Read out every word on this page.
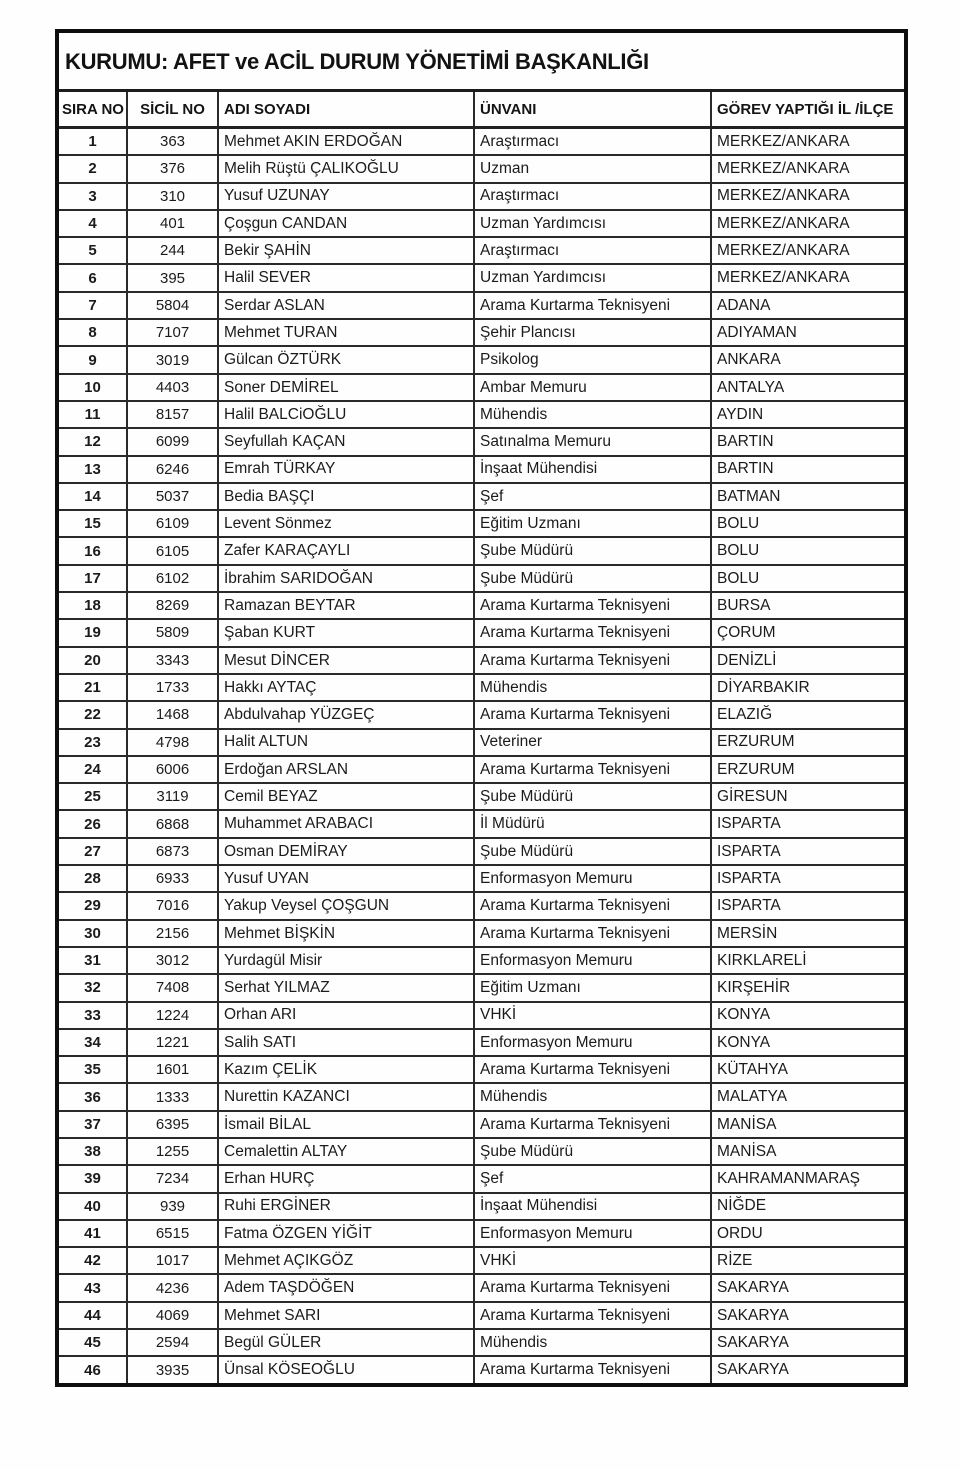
KURUMU: AFET ve ACİL DURUM YÖNETİMİ BAŞKANLIĞI				
SIRA NO	SİCİL NO	ADI SOYADI	ÜNVANI	GÖREV YAPTIĞI İL /İLÇE
1	363	Mehmet AKIN ERDOĞAN	Araştırmacı	MERKEZ/ANKARA
2	376	Melih Rüştü ÇALIKOĞLU	Uzman	MERKEZ/ANKARA
3	310	Yusuf UZUNAY	Araştırmacı	MERKEZ/ANKARA
4	401	Çoşgun CANDAN	Uzman Yardımcısı	MERKEZ/ANKARA
5	244	Bekir ŞAHİN	Araştırmacı	MERKEZ/ANKARA
6	395	Halil SEVER	Uzman Yardımcısı	MERKEZ/ANKARA
7	5804	Serdar ASLAN	Arama Kurtarma Teknisyeni	ADANA
8	7107	Mehmet TURAN	Şehir Plancısı	ADIYAMAN
9	3019	Gülcan ÖZTÜRK	Psikolog	ANKARA
10	4403	Soner DEMİREL	Ambar Memuru	ANTALYA
11	8157	Halil BALCiOĞLU	Mühendis	AYDIN
12	6099	Seyfullah KAÇAN	Satınalma Memuru	BARTIN
13	6246	Emrah TÜRKAY	İnşaat Mühendisi	BARTIN
14	5037	Bedia BAŞÇI	Şef	BATMAN
15	6109	Levent Sönmez	Eğitim Uzmanı	BOLU
16	6105	Zafer KARAÇAYLI	Şube Müdürü	BOLU
17	6102	İbrahim SARIDOĞAN	Şube Müdürü	BOLU
18	8269	Ramazan BEYTAR	Arama Kurtarma Teknisyeni	BURSA
19	5809	Şaban KURT	Arama Kurtarma Teknisyeni	ÇORUM
20	3343	Mesut DİNCER	Arama Kurtarma Teknisyeni	DENİZLİ
21	1733	Hakkı AYTAÇ	Mühendis	DİYARBAKIR
22	1468	Abdulvahap YÜZGEÇ	Arama Kurtarma Teknisyeni	ELAZIĞ
23	4798	Halit ALTUN	Veteriner	ERZURUM
24	6006	Erdoğan ARSLAN	Arama Kurtarma Teknisyeni	ERZURUM
25	3119	Cemil BEYAZ	Şube Müdürü	GİRESUN
26	6868	Muhammet ARABACI	İl Müdürü	ISPARTA
27	6873	Osman DEMİRAY	Şube Müdürü	ISPARTA
28	6933	Yusuf UYAN	Enformasyon Memuru	ISPARTA
29	7016	Yakup Veysel ÇOŞGUN	Arama Kurtarma Teknisyeni	ISPARTA
30	2156	Mehmet BİŞKİN	Arama Kurtarma Teknisyeni	MERSİN
31	3012	Yurdagül Misir	Enformasyon Memuru	KIRKLARELİ
32	7408	Serhat YILMAZ	Eğitim Uzmanı	KIRŞEHİR
33	1224	Orhan ARI	VHKİ	KONYA
34	1221	Salih SATI	Enformasyon Memuru	KONYA
35	1601	Kazım ÇELİK	Arama Kurtarma Teknisyeni	KÜTAHYA
36	1333	Nurettin KAZANCI	Mühendis	MALATYA
37	6395	İsmail BİLAL	Arama Kurtarma Teknisyeni	MANİSA
38	1255	Cemalettin ALTAY	Şube Müdürü	MANİSA
39	7234	Erhan HURÇ	Şef	KAHRAMANMARAŞ
40	939	Ruhi ERGİNER	İnşaat Mühendisi	NİĞDE
41	6515	Fatma ÖZGEN YİĞİT	Enformasyon Memuru	ORDU
42	1017	Mehmet AÇIKGÖZ	VHKİ	RİZE
43	4236	Adem TAŞDÖĞEN	Arama Kurtarma Teknisyeni	SAKARYA
44	4069	Mehmet SARI	Arama Kurtarma Teknisyeni	SAKARYA
45	2594	Begül GÜLER	Mühendis	SAKARYA
46	3935	Ünsal KÖSEOĞLU	Arama Kurtarma Teknisyeni	SAKARYA
